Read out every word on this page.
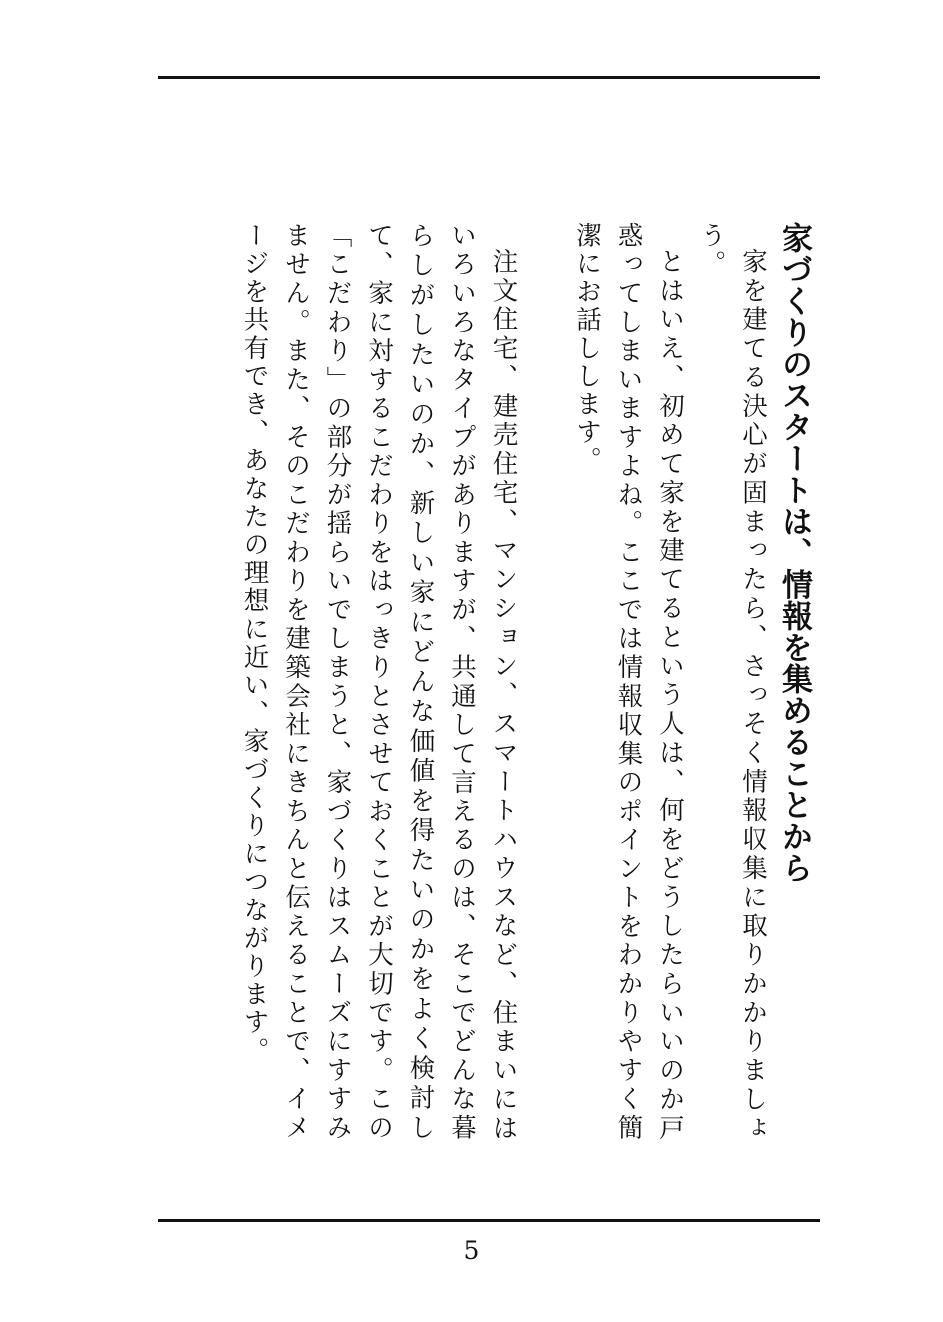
家づくりのスタートは、情報を集めることから

家を建てる決心が固まったら、さっそく情報収集に取りかかりましょう。

とはいえ、初めて家を建てるという人は、何をどうしたらいいのか戸惑ってしまいますよね。ここでは情報収集のポイントをわかりやすく簡潔にお話しします。

注文住宅、建売住宅、マンション、スマートハウスなど、住まいにはいろいろなタイプがありますが、共通して言えるのは、そこでどんな暮らしがしたいのか、新しい家にどんな価値を得たいのかをよく検討して、家に対するこだわりをはっきりとさせておくことが大切です。この「こだわり」の部分が揺らいでしまうと、家づくりはスムーズにすすみません。また、そのこだわりを建築会社にきちんと伝えることで、イメージを共有でき、あなたの理想に近い、家づくりにつながります。

5
